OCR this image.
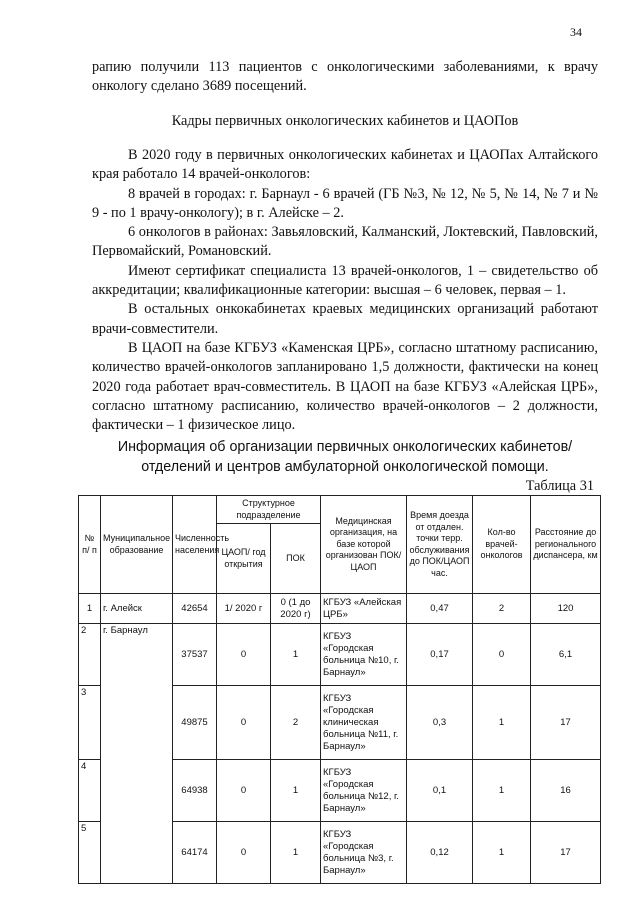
34

рапию получили 113 пациентов с онкологическими заболеваниями, к врачу онкологу сделано 3689 посещений.

Кадры первичных онкологических кабинетов и ЦАОПов

В 2020 году в первичных онкологических кабинетах и ЦАОПах Алтайского края работало 14 врачей-онкологов:

8 врачей в городах: г. Барнаул - 6 врачей (ГБ №3, № 12, № 5, № 14, № 7 и № 9 - по 1 врачу-онкологу); в г. Алейске – 2.

6 онкологов в районах: Завьяловский, Калманский, Локтевский, Павловский, Первомайский, Романовский.

Имеют сертификат специалиста 13 врачей-онкологов, 1 – свидетельство об аккредитации; квалификационные категории: высшая – 6 человек, первая – 1.

В остальных онкокабинетах краевых медицинских организаций работают врачи-совместители.

В ЦАОП на базе КГБУЗ «Каменская ЦРБ», согласно штатному расписанию, количество врачей-онкологов запланировано 1,5 должности, фактически на конец 2020 года работает врач-совместитель. В ЦАОП на базе КГБУЗ «Алейская ЦРБ», согласно штатному расписанию, количество врачей-онкологов – 2 должности, фактически – 1 физическое лицо.

Информация об организации первичных онкологических кабинетов/отделений и центров амбулаторной онкологической помощи.
Таблица 31
№ п/ п	Муниципальное образование	Численность населения	Структурное подразделение		Медицинская организация, на базе которой организован ПОК/ ЦАОП	Время доезда от отдален. точки терр. обслуживания до ПОК/ЦАОП час.	Кол-во врачей-онкологов	Расстояние до регионального диспансера, км
			ЦАОП/ год открытия	ПОК				
1	г. Алейск	42654	1/ 2020 г	0 (1 до 2020 г)	КГБУЗ «Алейская ЦРБ»	0,47	2	120
2	г. Барнаул	37537	0	1	КГБУЗ «Городская больница №10, г. Барнаул»	0,17	0	6,1
3		49875	0	2	КГБУЗ «Городская клиническая больница №11, г. Барнаул»	0,3	1	17
4		64938	0	1	КГБУЗ «Городская больница №12, г. Барнаул»	0,1	1	16
5		64174	0	1	КГБУЗ «Городская больница №3, г. Барнаул»	0,12	1	17
